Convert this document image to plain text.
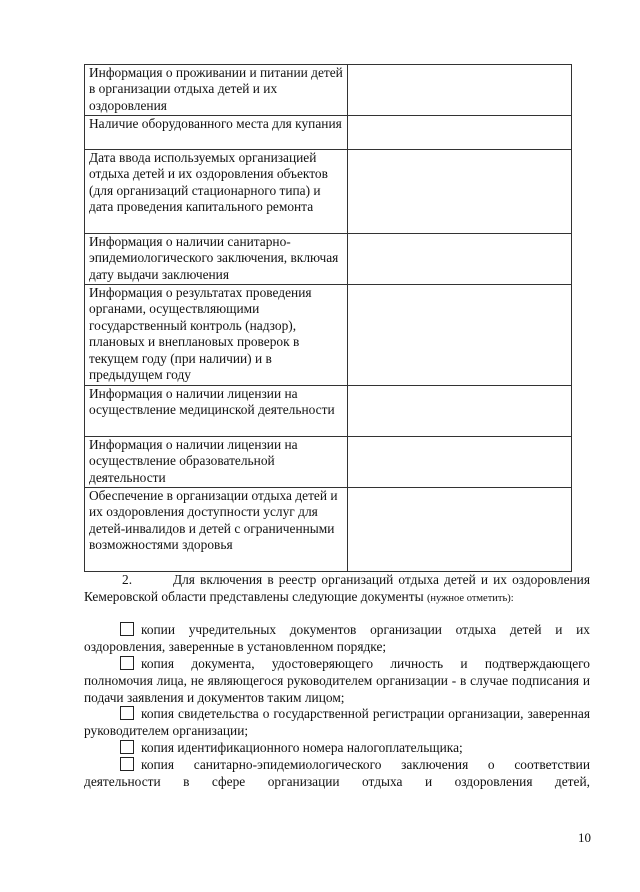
Информация о проживании и питании детей в организации отдыха детей и их оздоровления	
Наличие оборудованного места для купания	
Дата ввода используемых организацией отдыха детей и их оздоровления объектов (для организаций стационарного типа) и дата проведения капитального ремонта	
Информация о наличии санитарно-эпидемиологического заключения, включая дату выдачи заключения	
Информация о результатах проведения органами, осуществляющими государственный контроль (надзор), плановых и внеплановых проверок в текущем году (при наличии) и в предыдущем году	
Информация о наличии лицензии на осуществление медицинской деятельности	
Информация о наличии лицензии на осуществление образовательной деятельности	
Обеспечение в организации отдыха детей и их оздоровления доступности услуг для детей-инвалидов и детей с ограниченными возможностями здоровья	

2.        Для включения в реестр организаций отдыха детей и их оздоровления Кемеровской области представлены следующие документы (нужное отметить):

копии учредительных документов организации отдыха детей и их оздоровления, заверенные в установленном порядке;

копия документа, удостоверяющего личность и подтверждающего полномочия лица, не являющегося руководителем организации - в случае подписания и подачи заявления и документов таким лицом;

копия свидетельства о государственной регистрации организации, заверенная руководителем организации;

копия идентификационного номера налогоплательщика;

копия санитарно-эпидемиологического заключения о соответствии деятельности в сфере организации отдыха и оздоровления детей,

10
